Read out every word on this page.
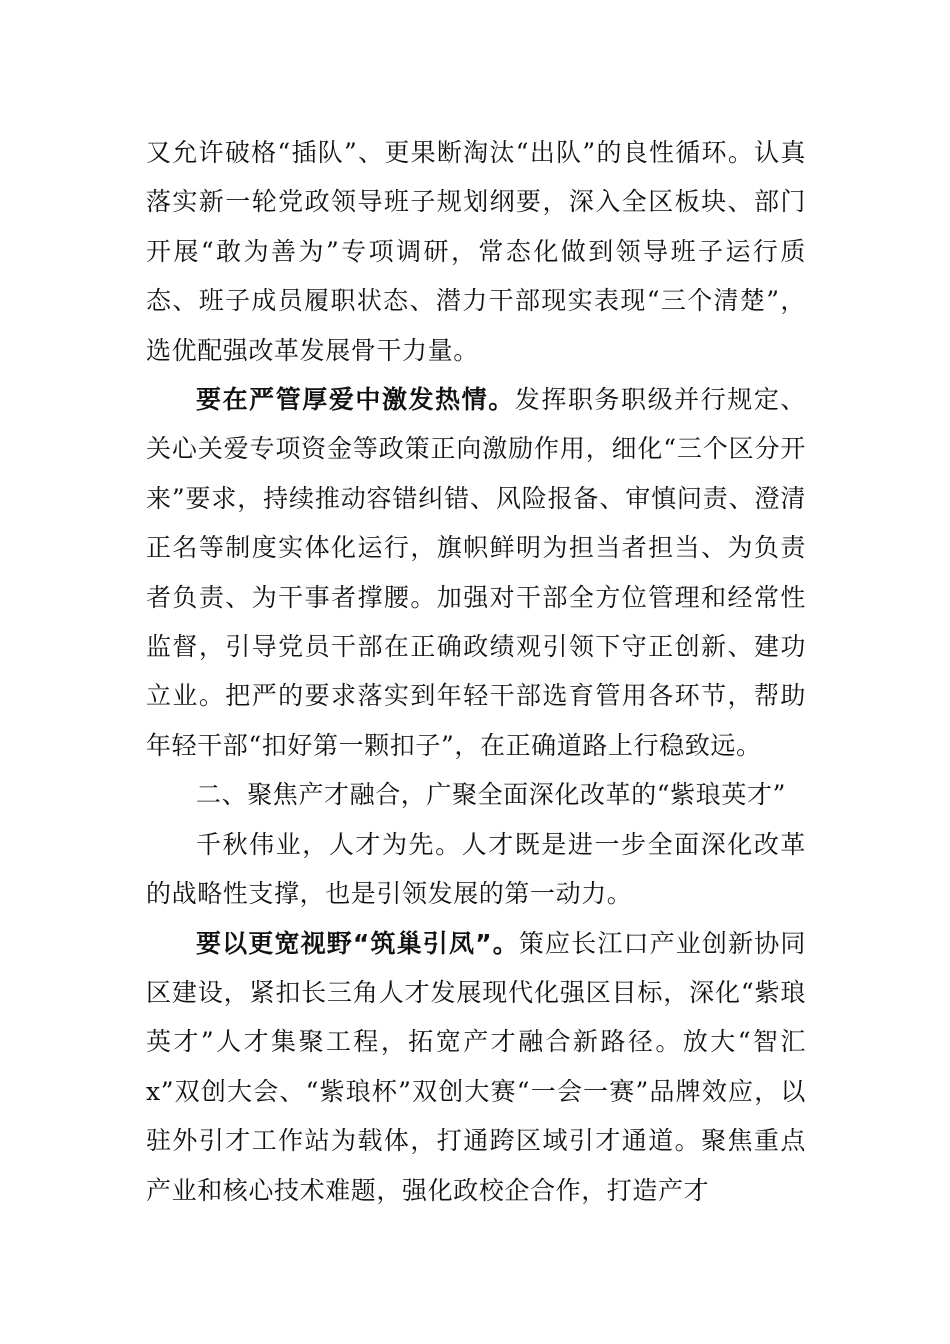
又允许破格“插队”、更果断淘汰“出队”的良性循环。认真落实新一轮党政领导班子规划纲要，深入全区板块、部门开展“敢为善为”专项调研，常态化做到领导班子运行质态、班子成员履职状态、潜力干部现实表现“三个清楚”，选优配强改革发展骨干力量。

要在严管厚爱中激发热情。发挥职务职级并行规定、关心关爱专项资金等政策正向激励作用，细化“三个区分开来”要求，持续推动容错纠错、风险报备、审慎问责、澄清正名等制度实体化运行，旗帜鲜明为担当者担当、为负责者负责、为干事者撑腰。加强对干部全方位管理和经常性监督，引导党员干部在正确政绩观引领下守正创新、建功立业。把严的要求落实到年轻干部选育管用各环节，帮助年轻干部“扣好第一颗扣子”，在正确道路上行稳致远。

二、聚焦产才融合，广聚全面深化改革的“紫琅英才”

千秋伟业，人才为先。人才既是进一步全面深化改革的战略性支撑，也是引领发展的第一动力。

要以更宽视野“筑巢引凤”。策应长江口产业创新协同区建设，紧扣长三角人才发展现代化强区目标，深化“紫琅英才”人才集聚工程，拓宽产才融合新路径。放大“智汇 x”双创大会、“紫琅杯”双创大赛“一会一赛”品牌效应，以驻外引才工作站为载体，打通跨区域引才通道。聚焦重点产业和核心技术难题，强化政校企合作，打造产才
